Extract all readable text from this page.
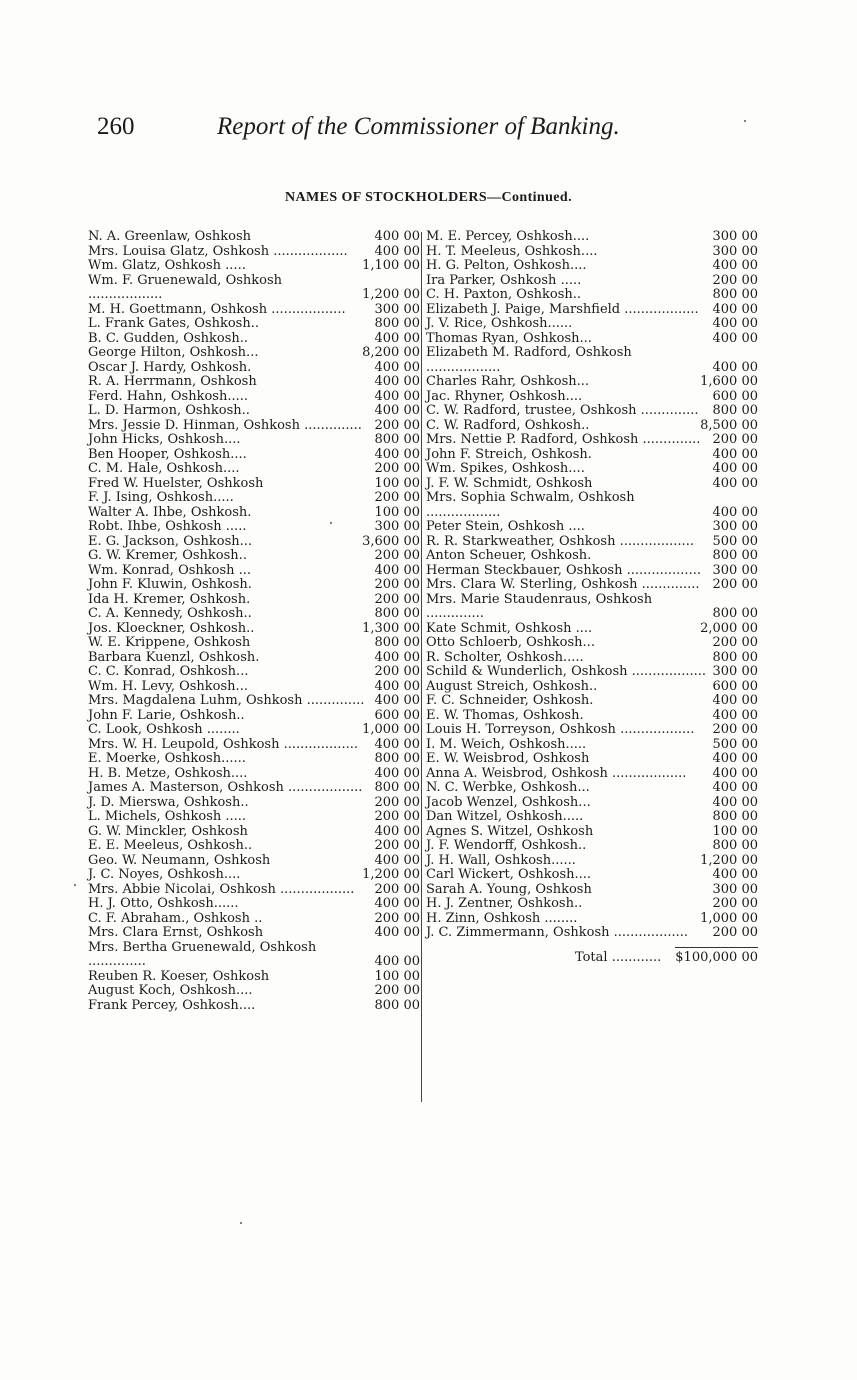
260	Report of the Commissioner of Banking.
NAMES OF STOCKHOLDERS—Continued.
N. A. Greenlaw, Oshkosh	400 00
Mrs. Louisa Glatz, Oshkosh ..................	400 00
Wm. Glatz, Oshkosh .....	1,100 00
Wm. F. Gruenewald, Oshkosh ..................	1,200 00
M. H. Goettmann, Oshkosh ..................	300 00
L. Frank Gates, Oshkosh..	800 00
B. C. Gudden, Oshkosh..	400 00
George Hilton, Oshkosh...	8,200 00
Oscar J. Hardy, Oshkosh.	400 00
R. A. Herrmann, Oshkosh	400 00
Ferd. Hahn, Oshkosh.....	400 00
L. D. Harmon, Oshkosh..	400 00
Mrs. Jessie D. Hinman, Oshkosh .............. 200 00
John Hicks, Oshkosh....	800 00
Ben Hooper, Oshkosh....	400 00
C. M. Hale, Oshkosh....	200 00
Fred W. Huelster, Oshkosh	100 00
F. J. Ising, Oshkosh.....	200 00
Walter A. Ihbe, Oshkosh.	100 00
Robt. Ihbe, Oshkosh .....	300 00
E. G. Jackson, Oshkosh...	3,600 00
G. W. Kremer, Oshkosh..	200 00
Wm. Konrad, Oshkosh ...	400 00
John F. Kluwin, Oshkosh.	200 00
Ida H. Kremer, Oshkosh.	200 00
C. A. Kennedy, Oshkosh..	800 00
Jos. Kloeckner, Oshkosh..	1,300 00
W. E. Krippene, Oshkosh	800 00
Barbara Kuenzl, Oshkosh.	400 00
C. C. Konrad, Oshkosh...	200 00
Wm. H. Levy, Oshkosh...	400 00
Mrs. Magdalena Luhm, Oshkosh .............. 400 00
John F. Larie, Oshkosh..	600 00
C. Look, Oshkosh ........	1,000 00
Mrs. W. H. Leupold, Oshkosh ..................	400 00
E. Moerke, Oshkosh......	800 00
H. B. Metze, Oshkosh....	400 00
James A. Masterson, Oshkosh .................. 800 00
J. D. Mierswa, Oshkosh..	200 00
L. Michels, Oshkosh .....	200 00
G. W. Minckler, Oshkosh	400 00
E. E. Meeleus, Oshkosh..	200 00
Geo. W. Neumann, Oshkosh	400 00
J. C. Noyes, Oshkosh....	1,200 00
Mrs. Abbie Nicolai, Oshkosh ..................	200 00
H. J. Otto, Oshkosh......	400 00
C. F. Abraham., Oshkosh ..	200 00
Mrs. Clara Ernst, Oshkosh	400 00
Mrs. Bertha Gruenewald, Oshkosh ..............	400 00
Reuben R. Koeser, Oshkosh	100 00
August Koch, Oshkosh....	200 00
Frank Percey, Oshkosh....	800 00
M. E. Percey, Oshkosh....	300 00
H. T. Meeleus, Oshkosh....	300 00
H. G. Pelton, Oshkosh....	400 00
Ira Parker, Oshkosh .....	200 00
C. H. Paxton, Oshkosh..	800 00
Elizabeth J. Paige, Marshfield ..................	400 00
J. V. Rice, Oshkosh......	400 00
Thomas Ryan, Oshkosh...	400 00
Elizabeth M. Radford, Oshkosh ..................	400 00
Charles Rahr, Oshkosh...	1,600 00
Jac. Rhyner, Oshkosh....	600 00
C. W. Radford, trustee, Oshkosh ..............	800 00
C. W. Radford, Oshkosh..	8,500 00
Mrs. Nettie P. Radford, Oshkosh .............. 200 00
John F. Streich, Oshkosh.	400 00
Wm. Spikes, Oshkosh....	400 00
J. F. W. Schmidt, Oshkosh	400 00
Mrs. Sophia Schwalm, Oshkosh ..................	400 00
Peter Stein, Oshkosh ....	300 00
R. R. Starkweather, Oshkosh ..................	500 00
Anton Scheuer, Oshkosh.	800 00
Herman Steckbauer, Oshkosh .................. 300 00
Mrs. Clara W. Sterling, Oshkosh .............. 200 00
Mrs. Marie Staudenraus, Oshkosh ..............	800 00
Kate Schmit, Oshkosh ....	2,000 00
Otto Schloerb, Oshkosh...	200 00
R. Scholter, Oshkosh.....	800 00
Schild & Wunderlich, Oshkosh .................. 300 00
August Streich, Oshkosh..	600 00
F. C. Schneider, Oshkosh.	400 00
E. W. Thomas, Oshkosh.	400 00
Louis H. Torreyson, Oshkosh ..................	200 00
I. M. Weich, Oshkosh.....	500 00
E. W. Weisbrod, Oshkosh	400 00
Anna A. Weisbrod, Oshkosh ..................	400 00
N. C. Werbke, Oshkosh...	400 00
Jacob Wenzel, Oshkosh...	400 00
Dan Witzel, Oshkosh.....	800 00
Agnes S. Witzel, Oshkosh	100 00
J. F. Wendorff, Oshkosh..	800 00
J. H. Wall, Oshkosh......	1,200 00
Carl Wickert, Oshkosh....	400 00
Sarah A. Young, Oshkosh	300 00
H. J. Zentner, Oshkosh..	200 00
H. Zinn, Oshkosh ........	1,000 00
J. C. Zimmermann, Oshkosh ..................	200 00
Total ............ $100,000 00
